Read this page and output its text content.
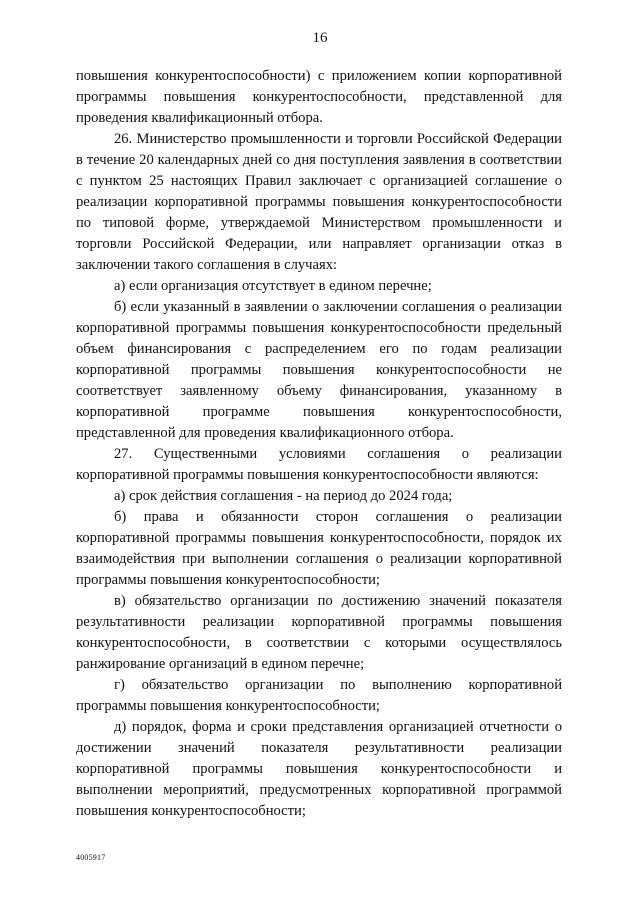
16

повышения конкурентоспособности) с приложением копии корпоративной программы повышения конкурентоспособности, представленной для проведения квалификационный отбора.

26. Министерство промышленности и торговли Российской Федерации в течение 20 календарных дней со дня поступления заявления в соответствии с пунктом 25 настоящих Правил заключает с организацией соглашение о реализации корпоративной программы повышения конкурентоспособности по типовой форме, утверждаемой Министерством промышленности и торговли Российской Федерации, или направляет организации отказ в заключении такого соглашения в случаях:

а) если организация отсутствует в едином перечне;

б) если указанный в заявлении о заключении соглашения о реализации корпоративной программы повышения конкурентоспособности предельный объем финансирования с распределением его по годам реализации корпоративной программы повышения конкурентоспособности не соответствует заявленному объему финансирования, указанному в корпоративной программе повышения конкурентоспособности, представленной для проведения квалификационного отбора.

27. Существенными условиями соглашения о реализации корпоративной программы повышения конкурентоспособности являются:

а) срок действия соглашения - на период до 2024 года;

б) права и обязанности сторон соглашения о реализации корпоративной программы повышения конкурентоспособности, порядок их взаимодействия при выполнении соглашения о реализации корпоративной программы повышения конкурентоспособности;

в) обязательство организации по достижению значений показателя результативности реализации корпоративной программы повышения конкурентоспособности, в соответствии с которыми осуществлялось ранжирование организаций в едином перечне;

г) обязательство организации по выполнению корпоративной программы повышения конкурентоспособности;

д) порядок, форма и сроки представления организацией отчетности о достижении значений показателя результативности реализации корпоративной программы повышения конкурентоспособности и выполнении мероприятий, предусмотренных корпоративной программой повышения конкурентоспособности;

4005917
